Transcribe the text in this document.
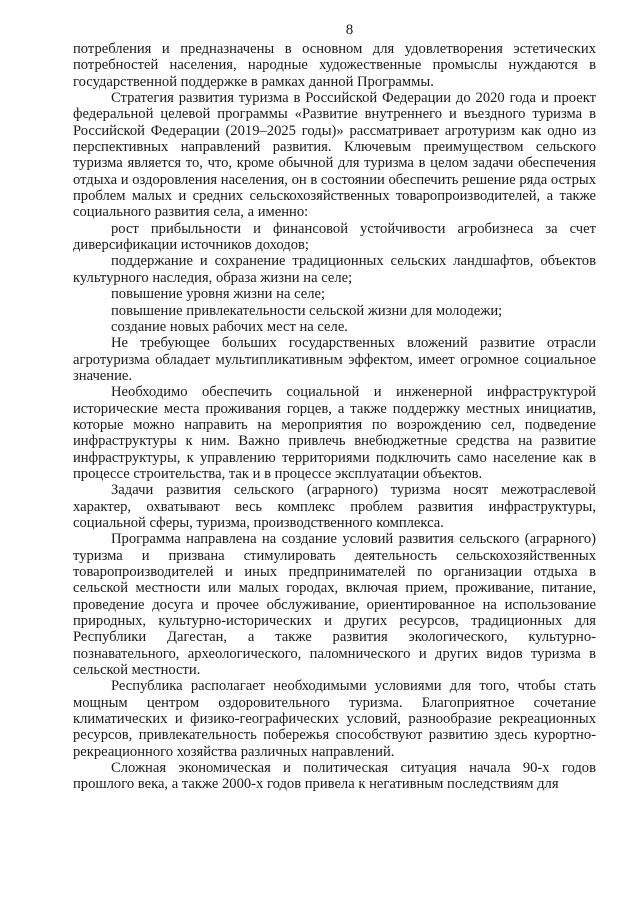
8

потребления и предназначены в основном для удовлетворения эстетических потребностей населения, народные художественные промыслы нуждаются в государственной поддержке в рамках данной Программы.

Стратегия развития туризма в Российской Федерации до 2020 года и проект федеральной целевой программы «Развитие внутреннего и въездного туризма в Российской Федерации (2019–2025 годы)» рассматривает агротуризм как одно из перспективных направлений развития. Ключевым преимуществом сельского туризма является то, что, кроме обычной для туризма в целом задачи обеспечения отдыха и оздоровления населения, он в состоянии обеспечить решение ряда острых проблем малых и средних сельскохозяйственных товаропроизводителей, а также социального развития села, а именно:

рост прибыльности и финансовой устойчивости агробизнеса за счет диверсификации источников доходов;

поддержание и сохранение традиционных сельских ландшафтов, объектов культурного наследия, образа жизни на селе;

повышение уровня жизни на селе;

повышение привлекательности сельской жизни для молодежи;

создание новых рабочих мест на селе.

Не требующее больших государственных вложений развитие отрасли агротуризма обладает мультипликативным эффектом, имеет огромное социальное значение.

Необходимо обеспечить социальной и инженерной инфраструктурой исторические места проживания горцев, а также поддержку местных инициатив, которые можно направить на мероприятия по возрождению сел, подведение инфраструктуры к ним. Важно привлечь внебюджетные средства на развитие инфраструктуры, к управлению территориями подключить само население как в процессе строительства, так и в процессе эксплуатации объектов.

Задачи развития сельского (аграрного) туризма носят межотраслевой характер, охватывают весь комплекс проблем развития инфраструктуры, социальной сферы, туризма, производственного комплекса.

Программа направлена на создание условий развития сельского (аграрного) туризма и призвана стимулировать деятельность сельскохозяйственных товаропроизводителей и иных предпринимателей по организации отдыха в сельской местности или малых городах, включая прием, проживание, питание, проведение досуга и прочее обслуживание, ориентированное на использование природных, культурно-исторических и других ресурсов, традиционных для Республики Дагестан, а также развития экологического, культурно-познавательного, археологического, паломнического и других видов туризма в сельской местности.

Республика располагает необходимыми условиями для того, чтобы стать мощным центром оздоровительного туризма. Благоприятное сочетание климатических и физико-географических условий, разнообразие рекреационных ресурсов, привлекательность побережья способствуют развитию здесь курортно-рекреационного хозяйства различных направлений.

Сложная экономическая и политическая ситуация начала 90-х годов прошлого века, а также 2000-х годов привела к негативным последствиям для
